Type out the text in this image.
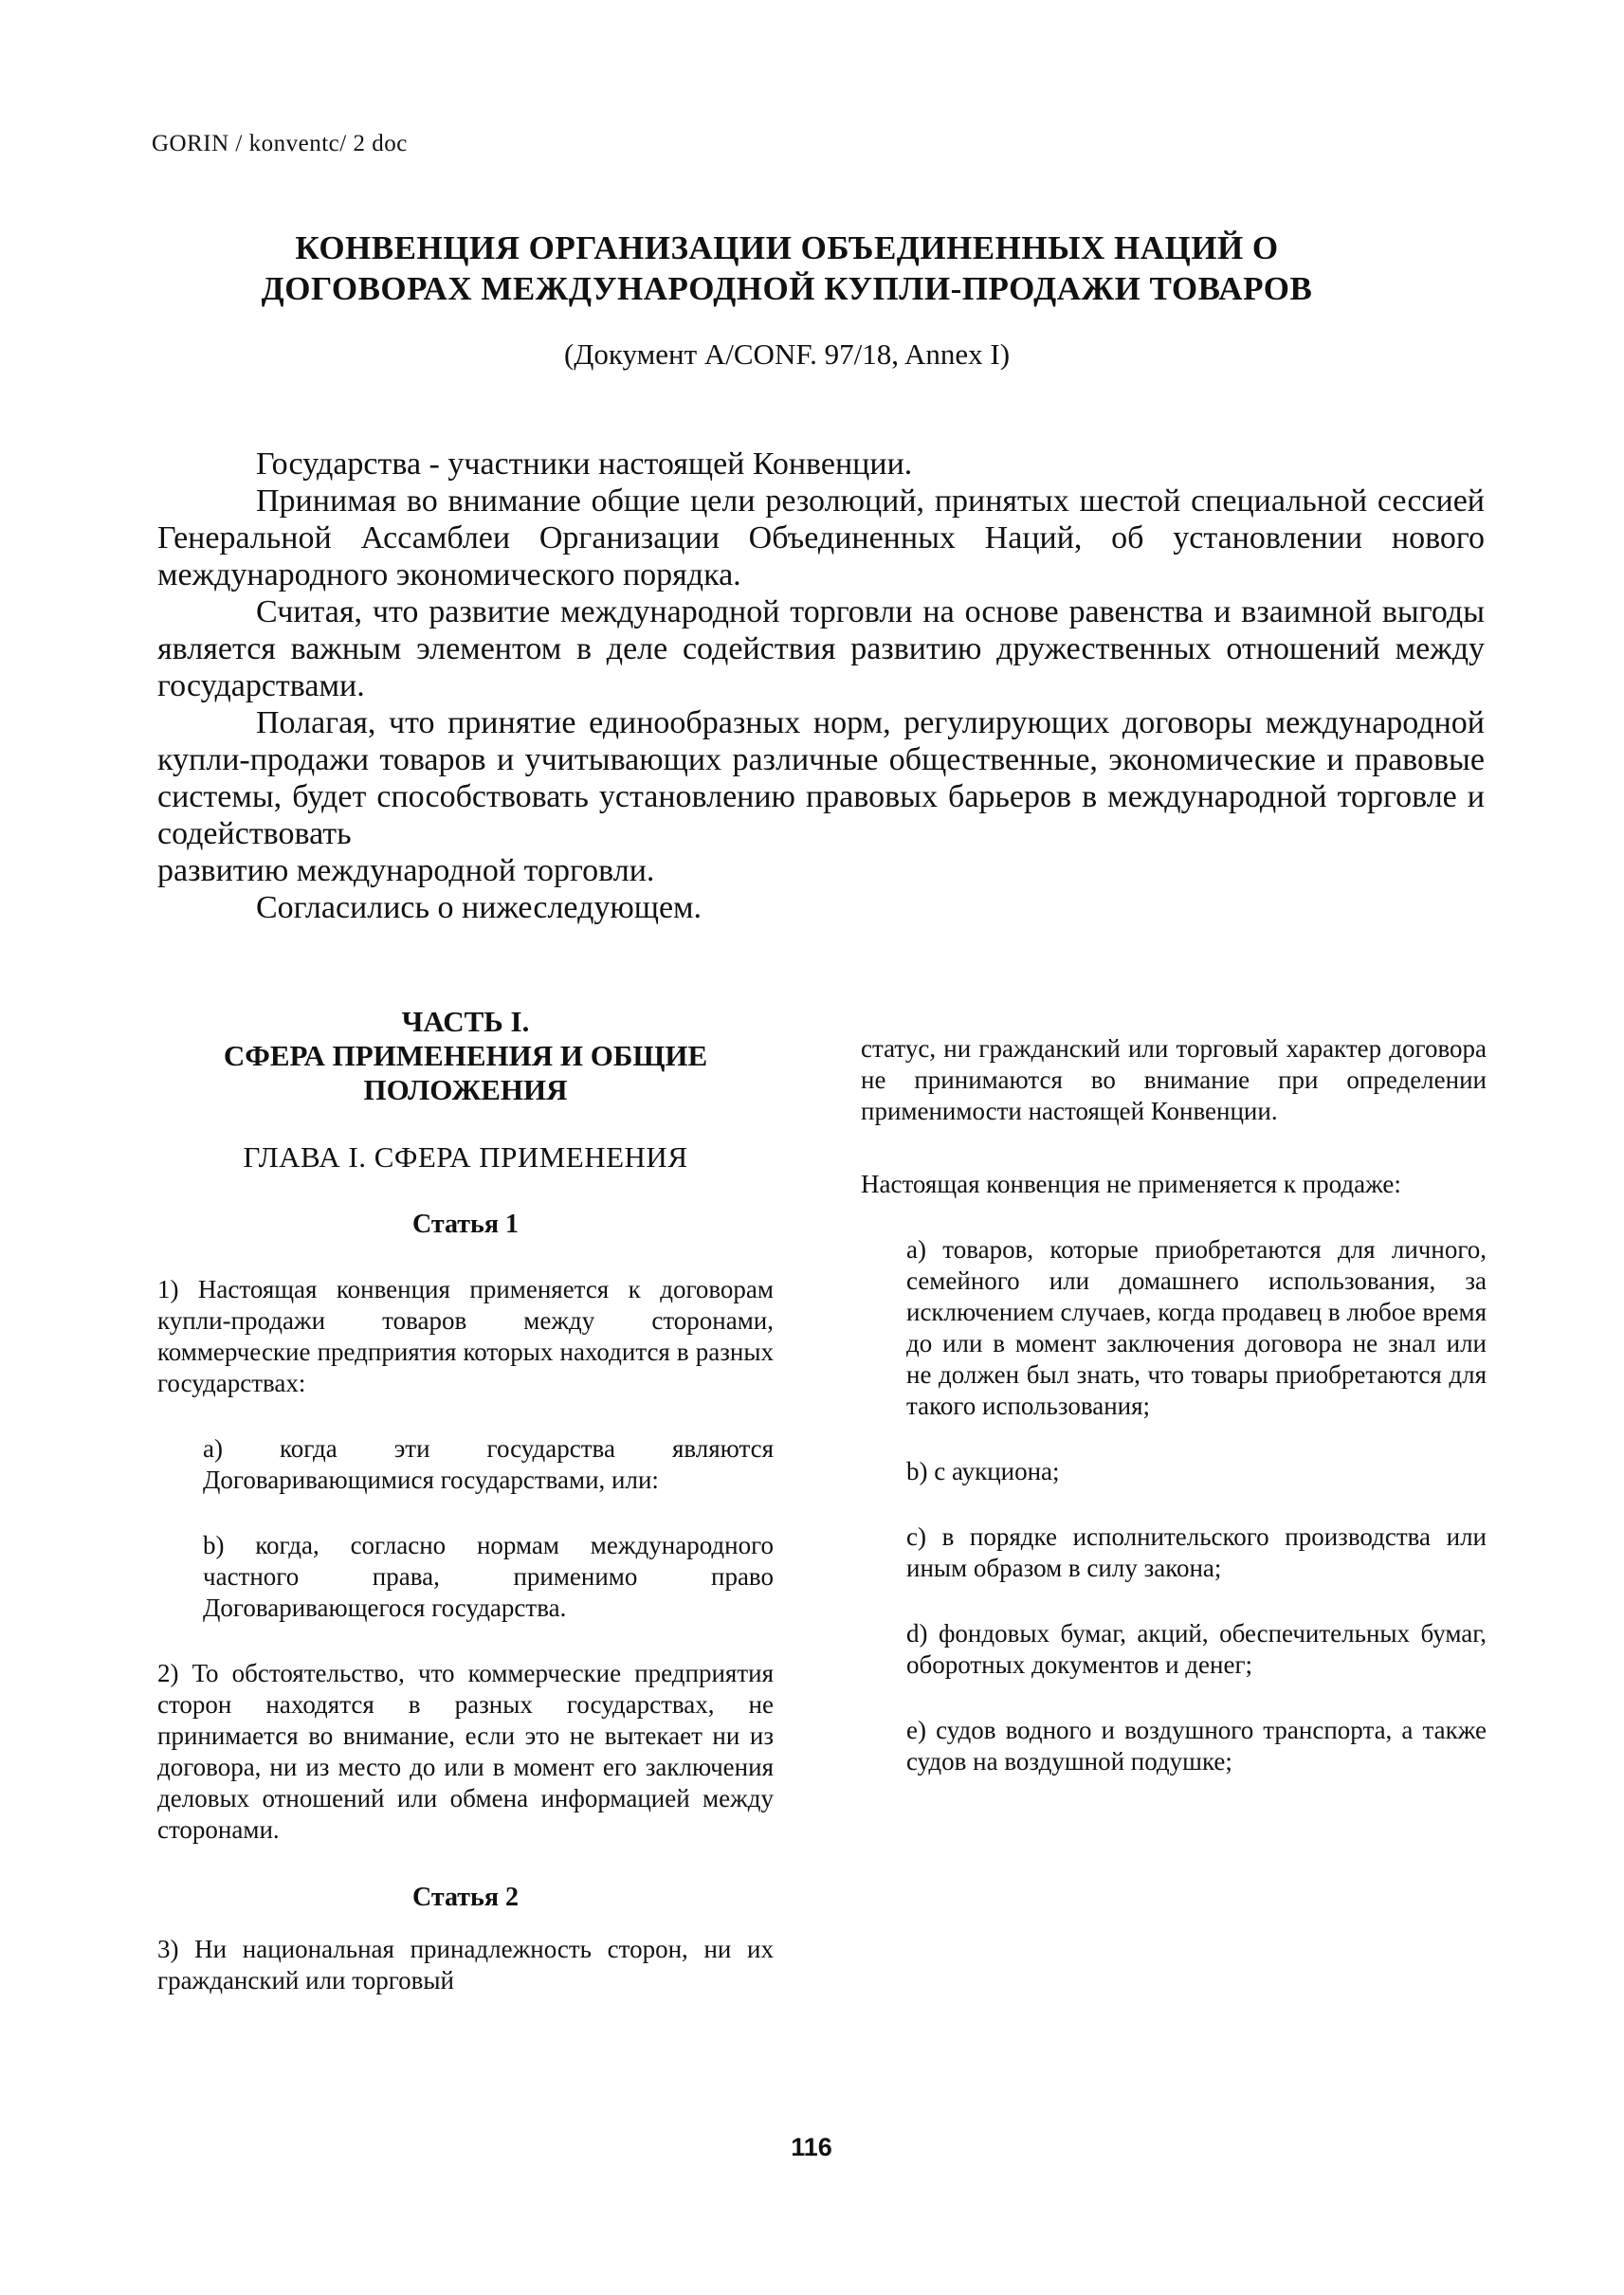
GORIN / konventc/ 2 doc
КОНВЕНЦИЯ ОРГАНИЗАЦИИ ОБЪЕДИНЕННЫХ НАЦИЙ О
ДОГОВОРАХ МЕЖДУНАРОДНОЙ КУПЛИ-ПРОДАЖИ ТОВАРОВ
(Документ A/CONF. 97/18, Annex I)

Государства - участники настоящей Конвенции.

Принимая во внимание общие цели резолюций, принятых шестой специальной сессией Генеральной Ассамблеи Организации Объединенных Наций, об установлении нового международного экономического порядка.

Считая, что развитие международной торговли на основе равенства и взаимной выгоды является важным элементом в деле содействия развитию дружественных отношений между государствами.

Полагая, что принятие единообразных норм, регулирующих договоры международной купли-продажи товаров и учитывающих различные общественные, экономические и правовые системы, будет способствовать установлению правовых барьеров в международной торговле и содействовать

развитию международной торговли.

Согласились о нижеследующем.

ЧАСТЬ I.
СФЕРА ПРИМЕНЕНИЯ И ОБЩИЕ
ПОЛОЖЕНИЯ
ГЛАВА I. СФЕРА ПРИМЕНЕНИЯ
Статья 1

1) Настоящая конвенция применяется к договорам купли-продажи товаров между сторонами, коммерческие предприятия которых находится в разных государствах:

а) когда эти государства являются Договаривающимися государствами, или:

b) когда, согласно нормам международного частного права, применимо право Договаривающегося государства.

2) То обстоятельство, что коммерческие предприятия сторон находятся в разных государствах, не принимается во внимание, если это не вытекает ни из договора, ни из место до или в момент его заключения деловых отношений или обмена информацией между сторонами.

Статья 2

3) Ни национальная принадлежность сторон, ни их гражданский или торговый

статус, ни гражданский или торговый характер договора не принимаются во внимание при определении применимости настоящей Конвенции.

Настоящая конвенция не применяется к продаже:

а) товаров, которые приобретаются для личного, семейного или домашнего использования, за исключением случаев, когда продавец в любое время до или в момент заключения договора не знал или не должен был знать, что товары приобретаются для такого использования;

b) с аукциона;

с) в порядке исполнительского производства или иным образом в силу закона;

d) фондовых бумаг, акций, обеспечительных бумаг, оборотных документов и денег;

е) судов водного и воздушного транспорта, а также судов на воздушной подушке;

116
